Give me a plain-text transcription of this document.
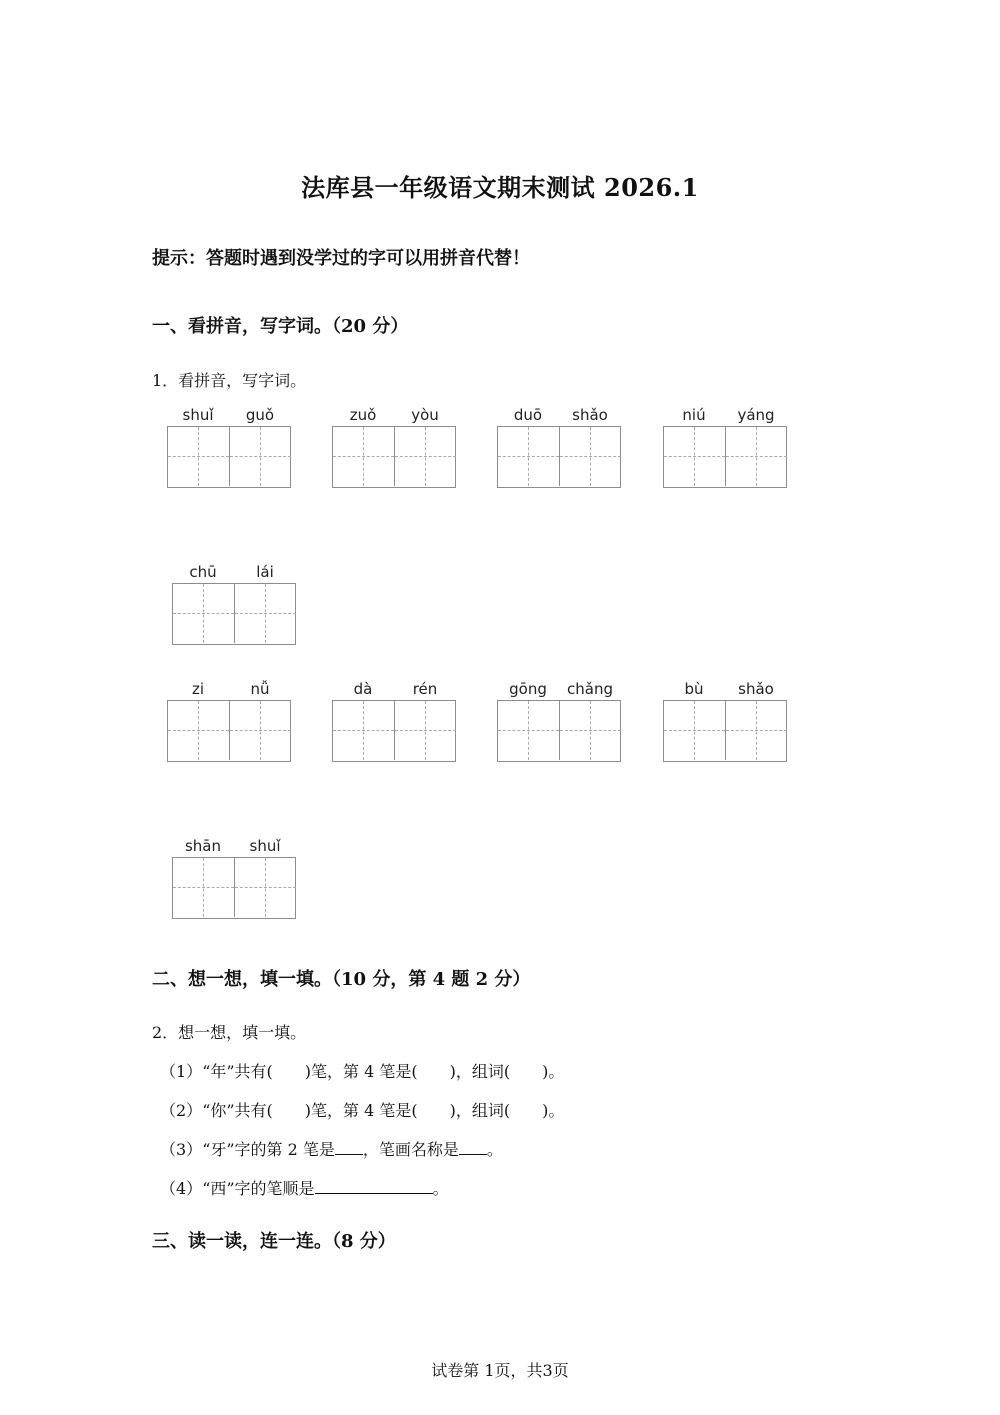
法库县一年级语文期末测试 2026.1
提示：答题时遇到没学过的字可以用拼音代替！
一、看拼音，写字词。（20 分）
1．看拼音，写字词。
shuǐ	guǒ	zuǒ	yòu	duō	shǎo	niú	yáng
chū	lái
zi	nǚ	dà	rén	gōng	chǎng	bù	shǎo
shān	shuǐ
二、想一想，填一填。（10 分，第 4 题 2 分）
2．想一想，填一填。
（1）“年”共有(　　)笔，第 4 笔是(　　)，组词(　　)。
（2）“你”共有(　　)笔，第 4 笔是(　　)，组词(　　)。
（3）“牙”字的第 2 笔是 ，笔画名称是 。
（4）“西”字的笔顺是	。
三、读一读，连一连。（8 分）
试卷第 1页，共3页
